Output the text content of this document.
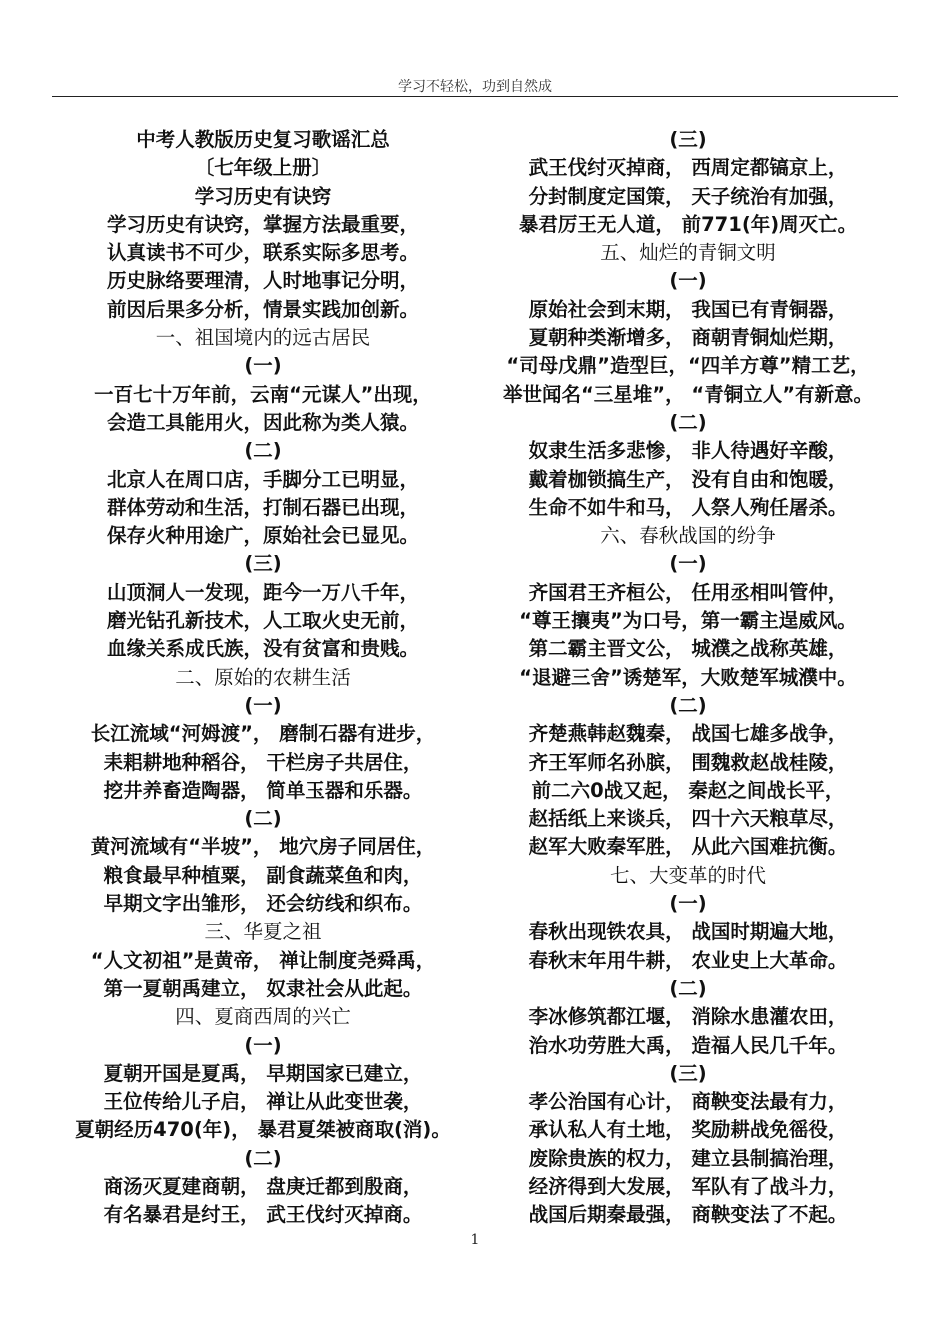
学习不轻松，功到自然成
中考人教版历史复习歌谣汇总
〔七年级上册〕
学习历史有诀窍
学习历史有诀窍，掌握方法最重要，
认真读书不可少，联系实际多思考。
历史脉络要理清，人时地事记分明，
前因后果多分析，情景实践加创新。
一、祖国境内的远古居民
(一)
一百七十万年前，云南“元谋人”出现，
会造工具能用火，因此称为类人猿。
(二)
北京人在周口店，手脚分工已明显，
群体劳动和生活，打制石器已出现，
保存火种用途广，原始社会已显见。
(三)
山顶洞人一发现，距今一万八千年，
磨光钻孔新技术，人工取火史无前，
血缘关系成氏族，没有贫富和贵贱。
二、原始的农耕生活
(一)
长江流域“河姆渡”， 磨制石器有进步，
耒耜耕地种稻谷， 干栏房子共居住，
挖井养畜造陶器， 简单玉器和乐器。
(二)
黄河流域有“半坡”， 地穴房子同居住，
粮食最早种植粟， 副食蔬菜鱼和肉，
早期文字出雏形， 还会纺线和织布。
三、华夏之祖
“人文初祖”是黄帝， 禅让制度尧舜禹，
第一夏朝禹建立， 奴隶社会从此起。
四、夏商西周的兴亡
(一)
夏朝开国是夏禹， 早期国家已建立，
王位传给儿子启， 禅让从此变世袭，
夏朝经历470(年)， 暴君夏桀被商取(消)。
(二)
商汤灭夏建商朝， 盘庚迁都到殷商，
有名暴君是纣王， 武王伐纣灭掉商。
(三)
武王伐纣灭掉商， 西周定都镐京上，
分封制度定国策， 天子统治有加强，
暴君厉王无人道， 前771(年)周灭亡。
五、灿烂的青铜文明
(一)
原始社会到末期， 我国已有青铜器，
夏朝种类渐增多， 商朝青铜灿烂期，
“司母戊鼎”造型巨，“四羊方尊”精工艺，
举世闻名“三星堆”， “青铜立人”有新意。
(二)
奴隶生活多悲惨， 非人待遇好辛酸，
戴着枷锁搞生产， 没有自由和饱暖，
生命不如牛和马， 人祭人殉任屠杀。
六、春秋战国的纷争
(一)
齐国君王齐桓公， 任用丞相叫管仲，
“尊王攘夷”为口号，第一霸主逞威风。
第二霸主晋文公， 城濮之战称英雄，
“退避三舍”诱楚军，大败楚军城濮中。
(二)
齐楚燕韩赵魏秦， 战国七雄多战争，
齐王军师名孙膑， 围魏救赵战桂陵，
前二六0战又起， 秦赵之间战长平，
赵括纸上来谈兵， 四十六天粮草尽，
赵军大败秦军胜， 从此六国难抗衡。
七、大变革的时代
(一)
春秋出现铁农具， 战国时期遍大地，
春秋末年用牛耕， 农业史上大革命。
(二)
李冰修筑都江堰， 消除水患灌农田，
治水功劳胜大禹， 造福人民几千年。
(三)
孝公治国有心计， 商鞅变法最有力，
承认私人有土地， 奖励耕战免徭役，
废除贵族的权力， 建立县制搞治理，
经济得到大发展， 军队有了战斗力，
战国后期秦最强， 商鞅变法了不起。
1
